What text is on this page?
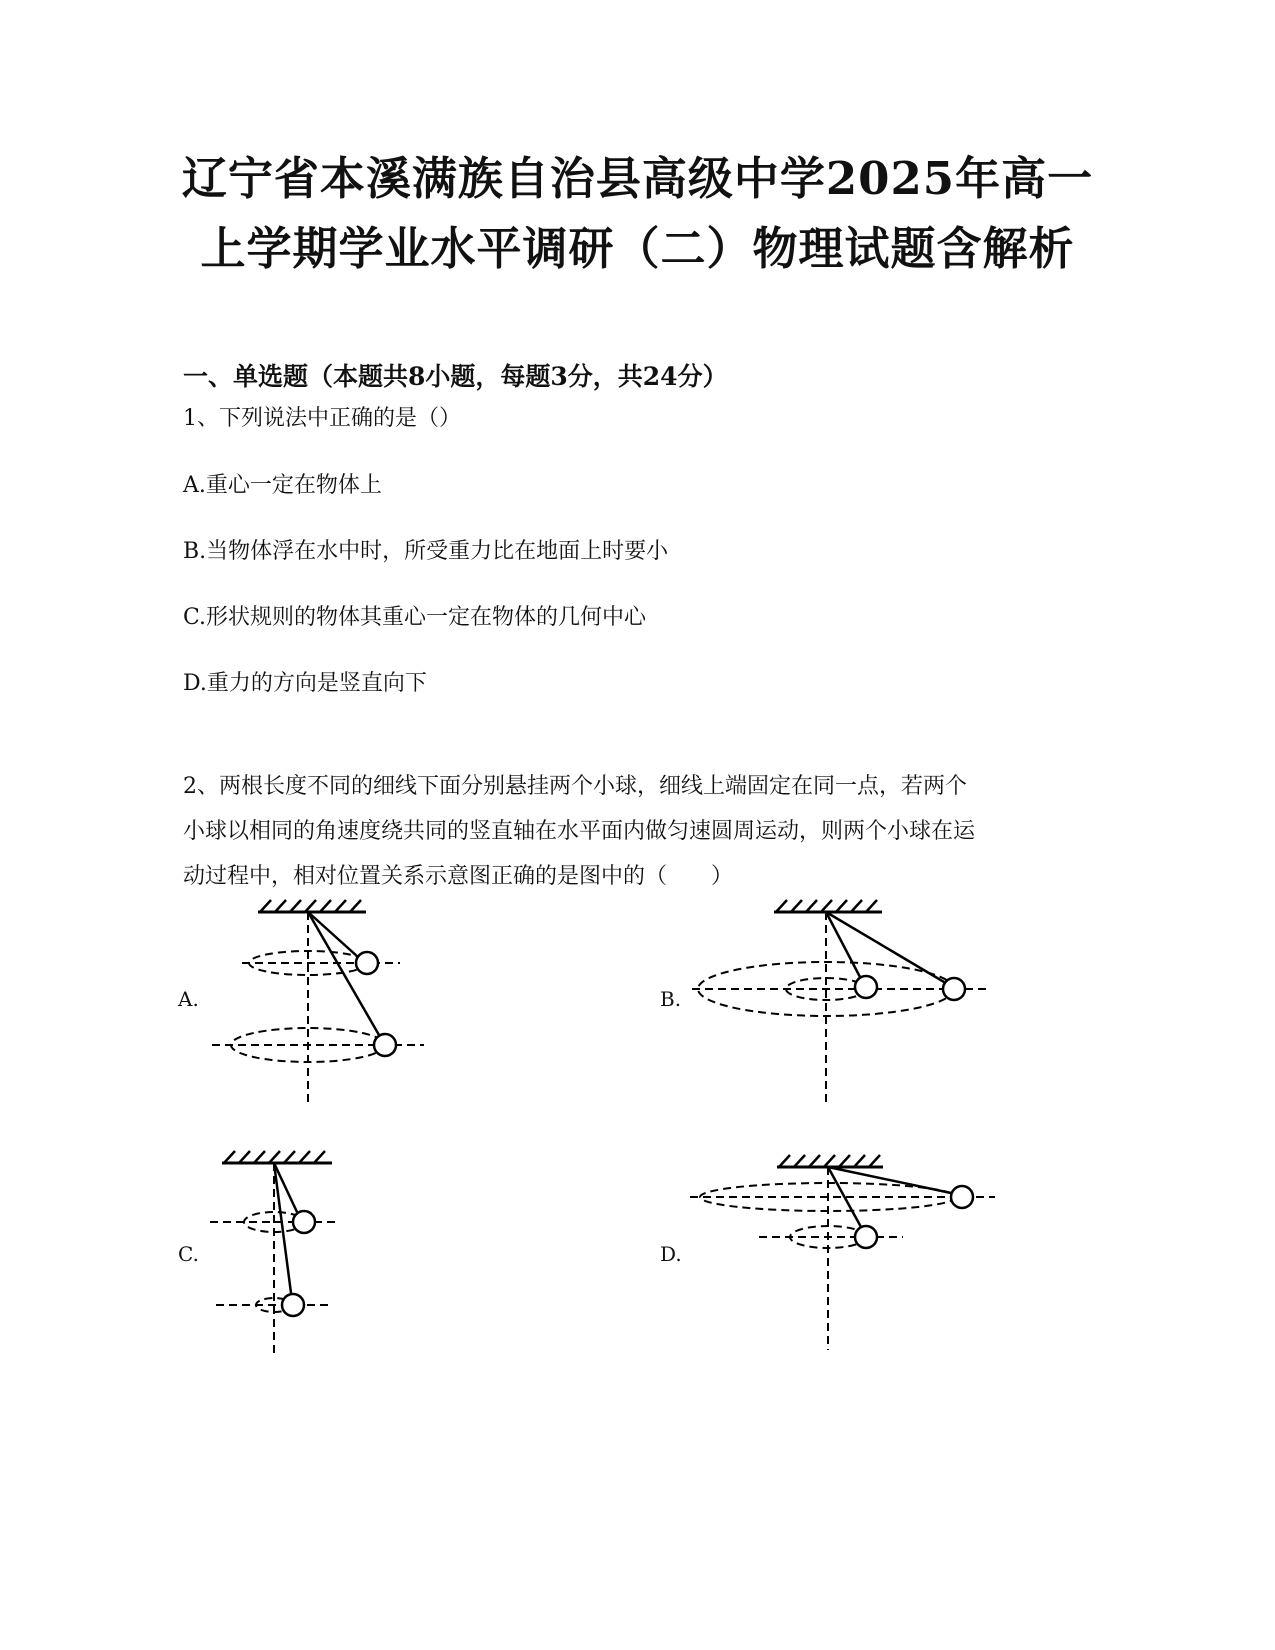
辽宁省本溪满族自治县高级中学2025年高一
上学期学业水平调研（二）物理试题含解析
一、单选题（本题共8小题，每题3分，共24分）
1、下列说法中正确的是（）
A.重心一定在物体上
B.当物体浮在水中时，所受重力比在地面上时要小
C.形状规则的物体其重心一定在物体的几何中心
D.重力的方向是竖直向下

2、两根长度不同的细线下面分别悬挂两个小球，细线上端固定在同一点，若两个

小球以相同的角速度绕共同的竖直轴在水平面内做匀速圆周运动，则两个小球在运

动过程中，相对位置关系示意图正确的是图中的（　　）

A.	B.
C.	D.
